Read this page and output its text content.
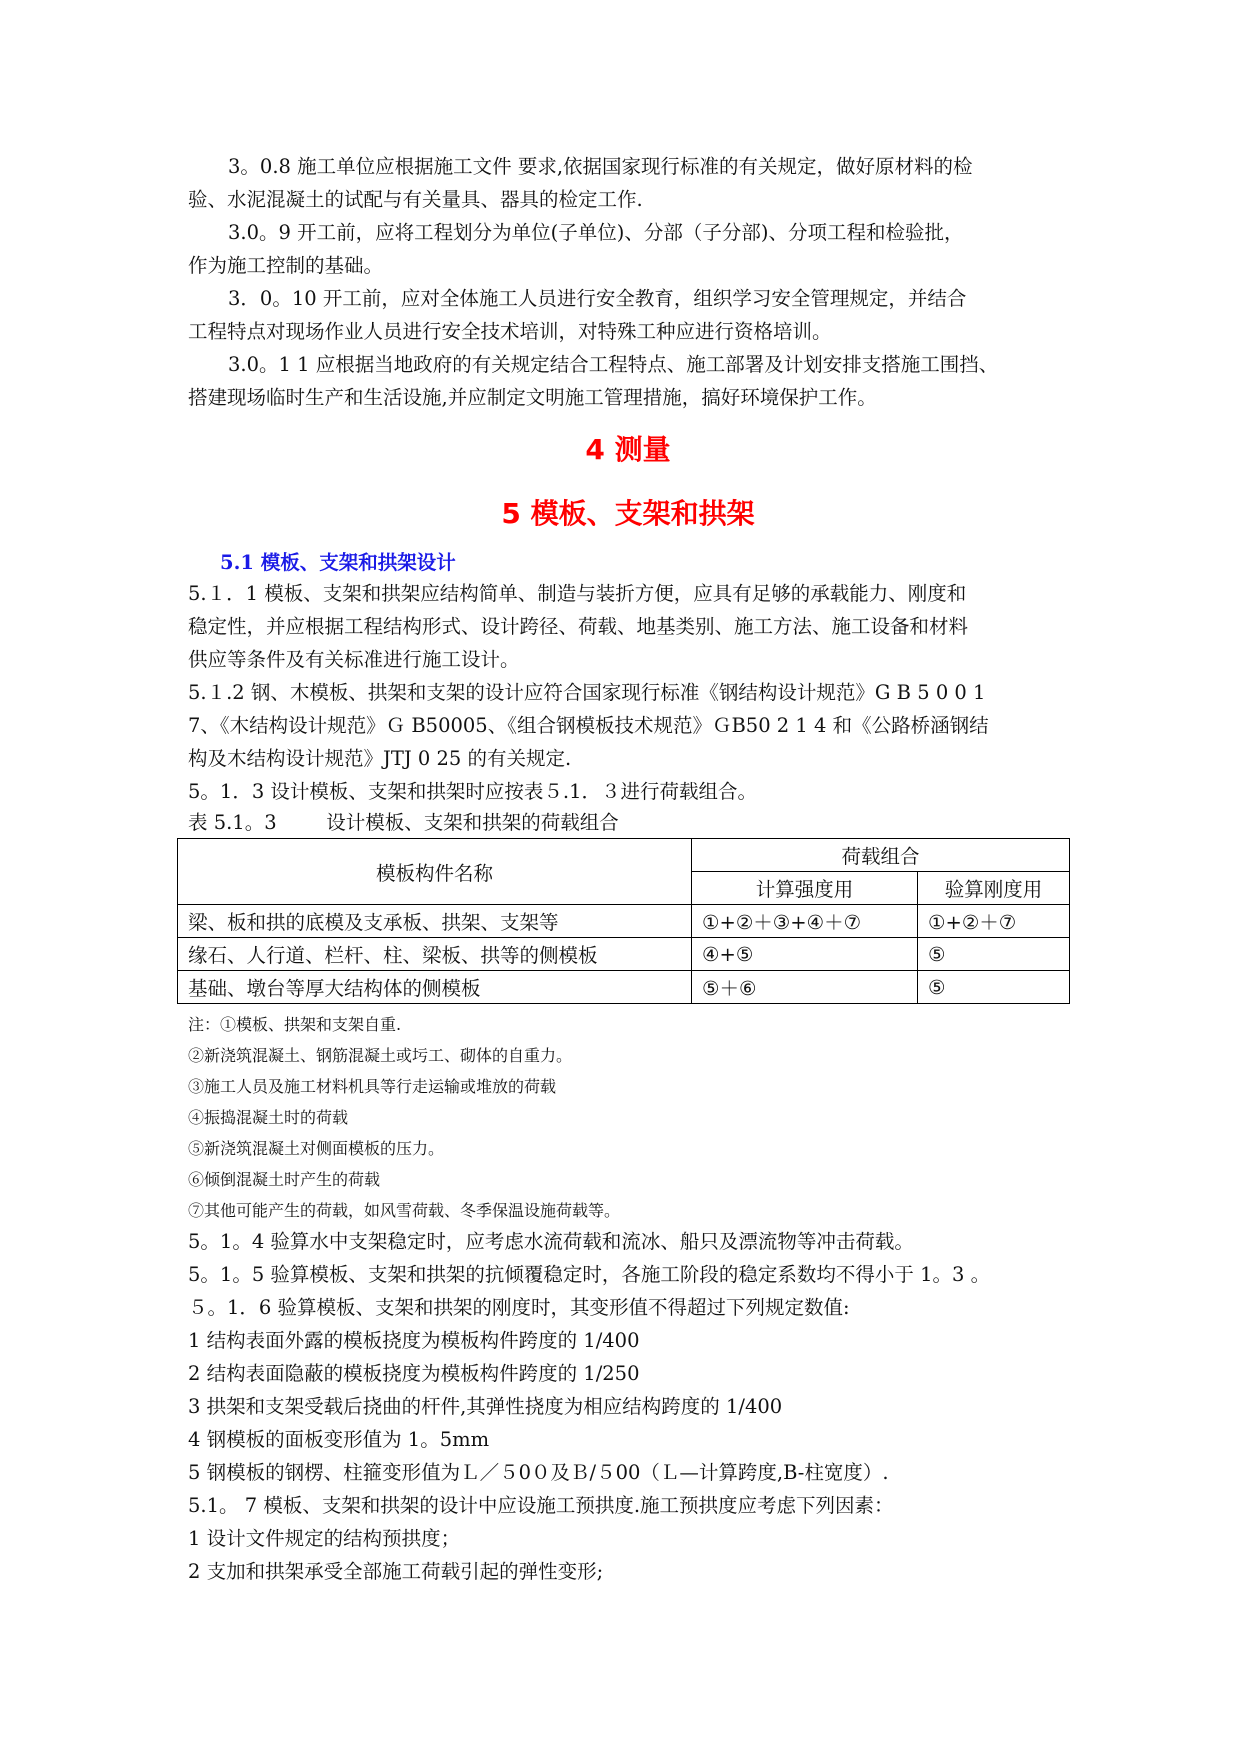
3。0.8 施工单位应根据施工文件 要求,依据国家现行标准的有关规定，做好原材料的检

验、水泥混凝土的试配与有关量具、器具的检定工作.

3.0。9 开工前，应将工程划分为单位(子单位)、分部（子分部)、分项工程和检验批，

作为施工控制的基础。

3．0。10 开工前，应对全体施工人员进行安全教育，组织学习安全管理规定，并结合

工程特点对现场作业人员进行安全技术培训，对特殊工种应进行资格培训。

3.0。1 1 应根据当地政府的有关规定结合工程特点、施工部署及计划安排支搭施工围挡、

搭建现场临时生产和生活设施,并应制定文明施工管理措施，搞好环境保护工作。

4 测量
5 模板、支架和拱架
5.1 模板、支架和拱架设计

5.１．1 模板、支架和拱架应结构简单、制造与装折方便，应具有足够的承载能力、刚度和

稳定性，并应根据工程结构形式、设计跨径、荷载、地基类别、施工方法、施工设备和材料

供应等条件及有关标准进行施工设计。

5.１.2 钢、木模板、拱架和支架的设计应符合国家现行标准《钢结构设计规范》G B 5 0 0 1

7、《木结构设计规范》Ｇ B50005、《组合钢模板技术规范》ＧB50 2 1 4 和《公路桥涵钢结

构及木结构设计规范》JTJ 0 25 的有关规定.

5。1．3 设计模板、支架和拱架时应按表５.1．３进行荷载组合。

表 5.1。3        设计模板、支架和拱架的荷载组合

模板构件名称	荷载组合	
	计算强度用	验算刚度用
梁、板和拱的底模及支承板、拱架、支架等	①+②＋③+④＋⑦	①+②＋⑦
缘石、人行道、栏杆、柱、梁板、拱等的侧模板	④+⑤	⑤
基础、墩台等厚大结构体的侧模板	⑤＋⑥	⑤

注：①模板、拱架和支架自重.

②新浇筑混凝土、钢筋混凝土或圬工、砌体的自重力。

③施工人员及施工材料机具等行走运输或堆放的荷载

④振捣混凝土时的荷载

⑤新浇筑混凝土对侧面模板的压力。

⑥倾倒混凝土时产生的荷载

⑦其他可能产生的荷载，如风雪荷载、冬季保温设施荷载等。

5。1。4 验算水中支架稳定时，应考虑水流荷载和流冰、船只及漂流物等冲击荷载。

5。1。5 验算模板、支架和拱架的抗倾覆稳定时，各施工阶段的稳定系数均不得小于 1。3 。

５。1．6 验算模板、支架和拱架的刚度时，其变形值不得超过下列规定数值:

1 结构表面外露的模板挠度为模板构件跨度的 1/400

2 结构表面隐蔽的模板挠度为模板构件跨度的 1/250

3 拱架和支架受载后挠曲的杆件,其弹性挠度为相应结构跨度的 1/400

4 钢模板的面板变形值为 1。5mm

5 钢模板的钢楞、柱箍变形值为Ｌ／５0０及Ｂ/５00（Ｌ—计算跨度,B-柱宽度）.

5.1。 7 模板、支架和拱架的设计中应设施工预拱度.施工预拱度应考虑下列因素：

1 设计文件规定的结构预拱度；

2 支加和拱架承受全部施工荷载引起的弹性变形;
